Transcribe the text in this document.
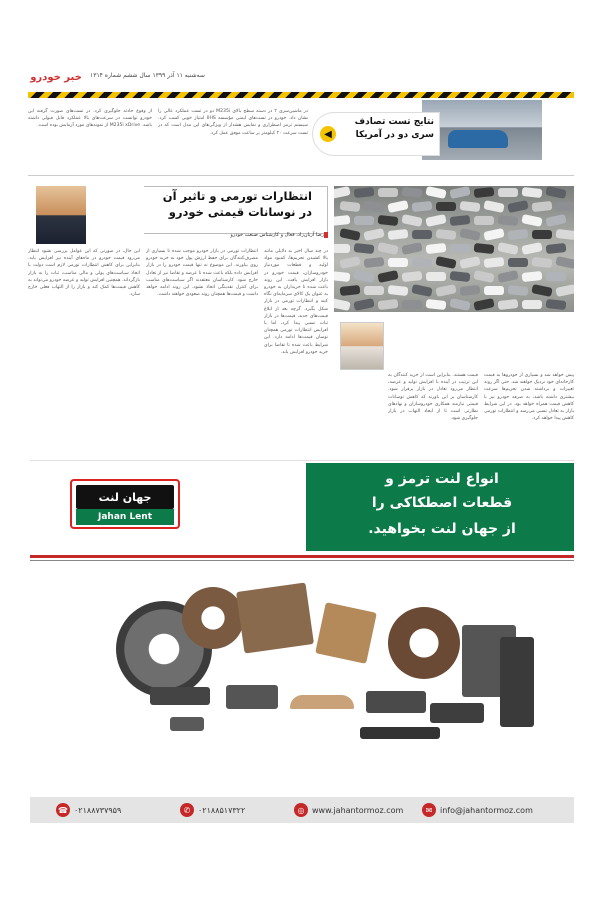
خبر خودرو	سه‌شنبه ۱۱ آذر ۱۳۹۹ سال ششم شماره ۱۳۱۴
◀
نتایج تست تصادف سری دو در آمریکا
در ماشین‌سری ۲ در دسته سطح بالای M235i دو در تست عملکرد عالی را نشان داد. خودرو در تست‌های ایمنی مؤسسه IIHS امتیاز خوبی کسب کرد. سیستم ترمز اضطراری و نمایش هشدار از ویژگی‌های این مدل است که در تست سرعت ۲۰ کیلومتر بر ساعت موفق عمل کرد.
از وقوع حادثه جلوگیری کرد. در تست‌های صورت گرفته این خودرو توانست در سرعت‌های بالا عملکرد قابل قبولی داشته باشد. M235i xDrive از نمونه‌های مورد آزمایش بوده است.
انتظارات تورمی و تاثیر آن در نوسانات قیمتی خودرو
رضا آریان‌راد، فعال و کارشناس صنعت خودرو
این حال، در صورتی که این عوامل بررسی نشود انتظار می‌رود قیمت خودرو در ماه‌های آینده نیز افزایش یابد. بنابراین برای کاهش انتظارات تورمی لازم است دولت با اتخاذ سیاست‌های پولی و مالی مناسب، ثبات را به بازار بازگرداند. همچنین افزایش تولید و عرضه خودرو می‌تواند به کاهش قیمت‌ها کمک کند و بازار را از التهاب فعلی خارج سازد.
انتظارات تورمی در بازار خودرو موجب شده تا بسیاری از مصرف‌کنندگان برای حفظ ارزش پول خود به خرید خودرو روی بیاورند. این موضوع نه تنها قیمت خودرو را در بازار افزایش داده بلکه باعث شده تا عرضه و تقاضا نیز از تعادل خارج شود. کارشناسان معتقدند اگر سیاست‌های مناسب برای کنترل نقدینگی اتخاذ نشود، این روند ادامه خواهد داشت و قیمت‌ها همچنان روند صعودی خواهند داشت.
در چند سال اخیر به دلایلی مانند بالا کشیدن تحریم‌ها، کمبود مواد اولیه و قطعات موردنیاز خودروسازان، قیمت خودرو در بازار افزایش یافت. این روند باعث شده تا خریداران به خودرو به عنوان یک کالای سرمایه‌ای نگاه کنند و انتظارات تورمی در بازار شکل بگیرد. گرچه بعد از ابلاغ قیمت‌های جدید، قیمت‌ها در بازار ثبات نسبی پیدا کرد، اما با افزایش انتظارات تورمی همچنان نوسان قیمت‌ها ادامه دارد. این شرایط باعث شده تا تقاضا برای خرید خودرو افزایش یابد.
قیمت هستند. بنابراین است از خرید کنندگان به این ترتیب در آینده با افزایش تولید و عرضه، انتظار می‌رود تعادل در بازار برقرار شود. کارشناسان بر این باورند که کاهش نوسانات قیمتی نیازمند همکاری خودروسازان و نهادهای نظارتی است تا از ایجاد التهاب در بازار جلوگیری شود.
پیش خواهد شد و بسیاری از خودروها به قیمت کارخانه‌ای خود نزدیک خواهند شد. حتی اگر روند تغییرات و برداشته شدن تحریم‌ها سرعت بیشتری داشته باشد، به صرفه خودرو نیز با کاهش قیمت همراه خواهد بود. در این شرایط بازار به تعادل نسبی می‌رسد و انتظارات تورمی کاهش پیدا خواهد کرد.
انواع لنت ترمز و
قطعات اصطکاکی را
از جهان لنت بخواهید.
جهان لنت
Jahan Lent
☎ ۰۲۱۸۸۷۳۷۹۵۹	✆ ۰۲۱۸۸۵۱۷۳۲۲	◎ www.jahantormoz.com	✉ info@jahantormoz.com
